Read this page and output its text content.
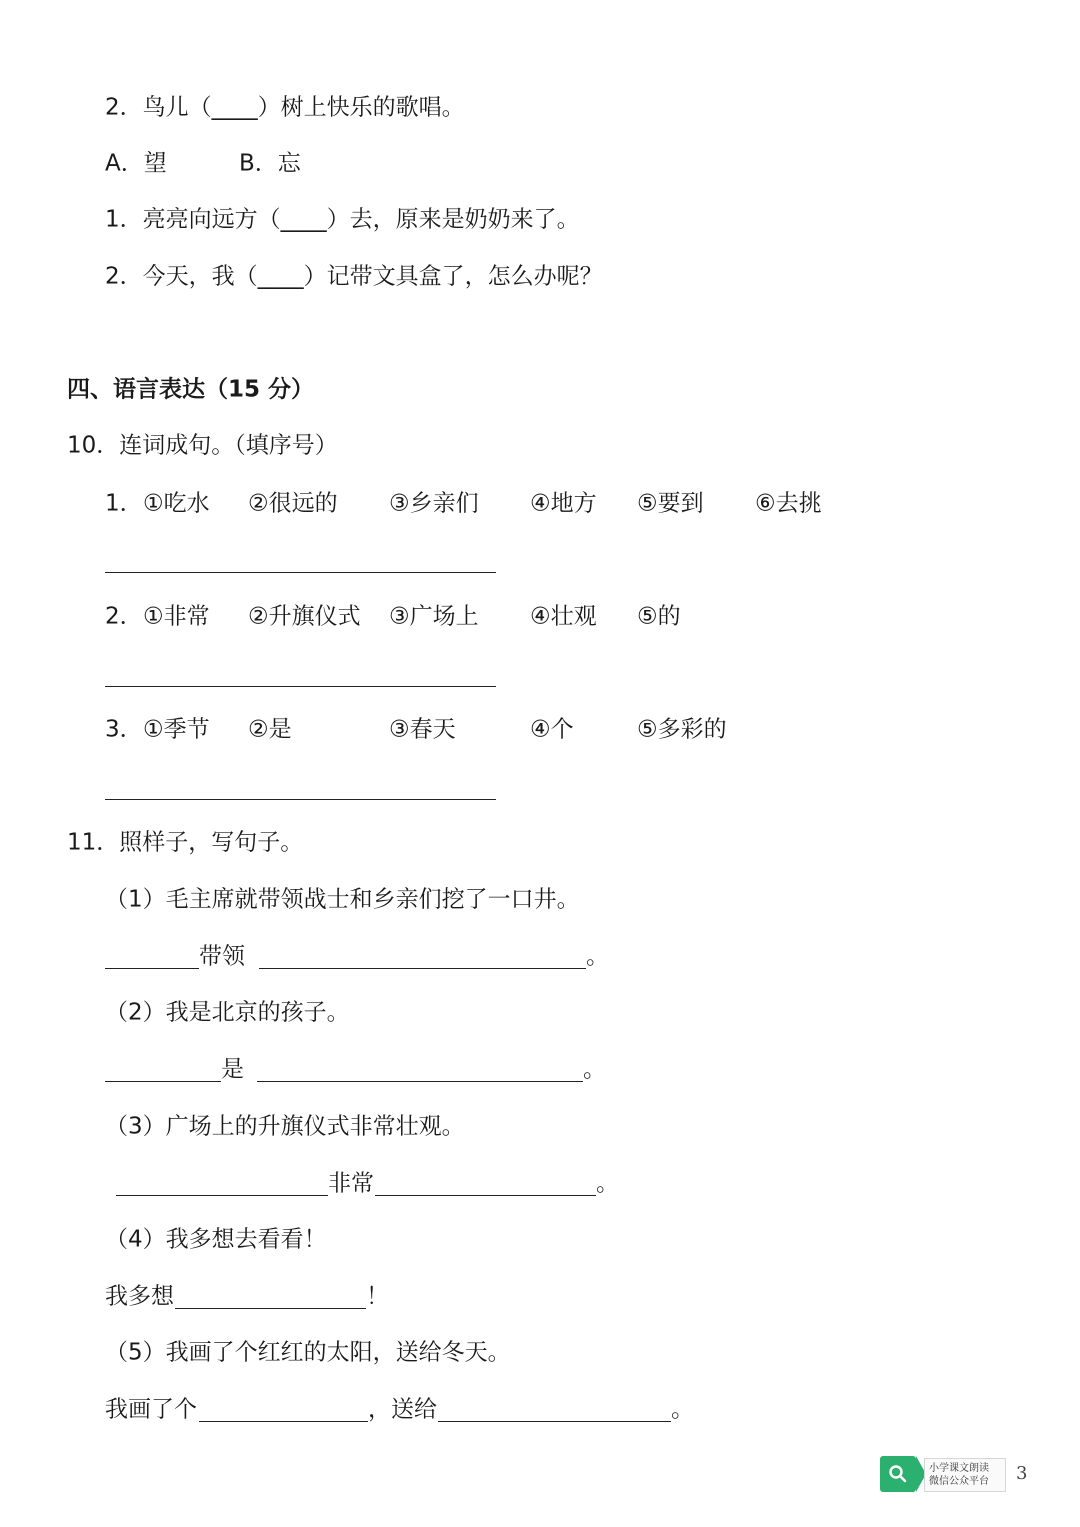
2．鸟儿（____）树上快乐的歌唱。
A．望	B．忘
1．亮亮向远方（____）去，原来是奶奶来了。
2．今天，我（____）记带文具盒了，怎么办呢？
四、语言表达（15 分）
10．连词成句。（填序号）
1． ①吃水 ②很远的 ③乡亲们 ④地方 ⑤要到 ⑥去挑
2． ①非常 ②升旗仪式 ③广场上 ④壮观 ⑤的
3． ①季节 ②是	③春天	④个	⑤多彩的
11．照样子，写句子。
（1）毛主席就带领战士和乡亲们挖了一口井。
带领	。
（2）我是北京的孩子。
是	。
（3）广场上的升旗仪式非常壮观。
非常	。
（4）我多想去看看！
我多想	！
（5）我画了个红红的太阳，送给冬天。
我画了个	，送给	。
小学课文朗读
微信公众平台 3
